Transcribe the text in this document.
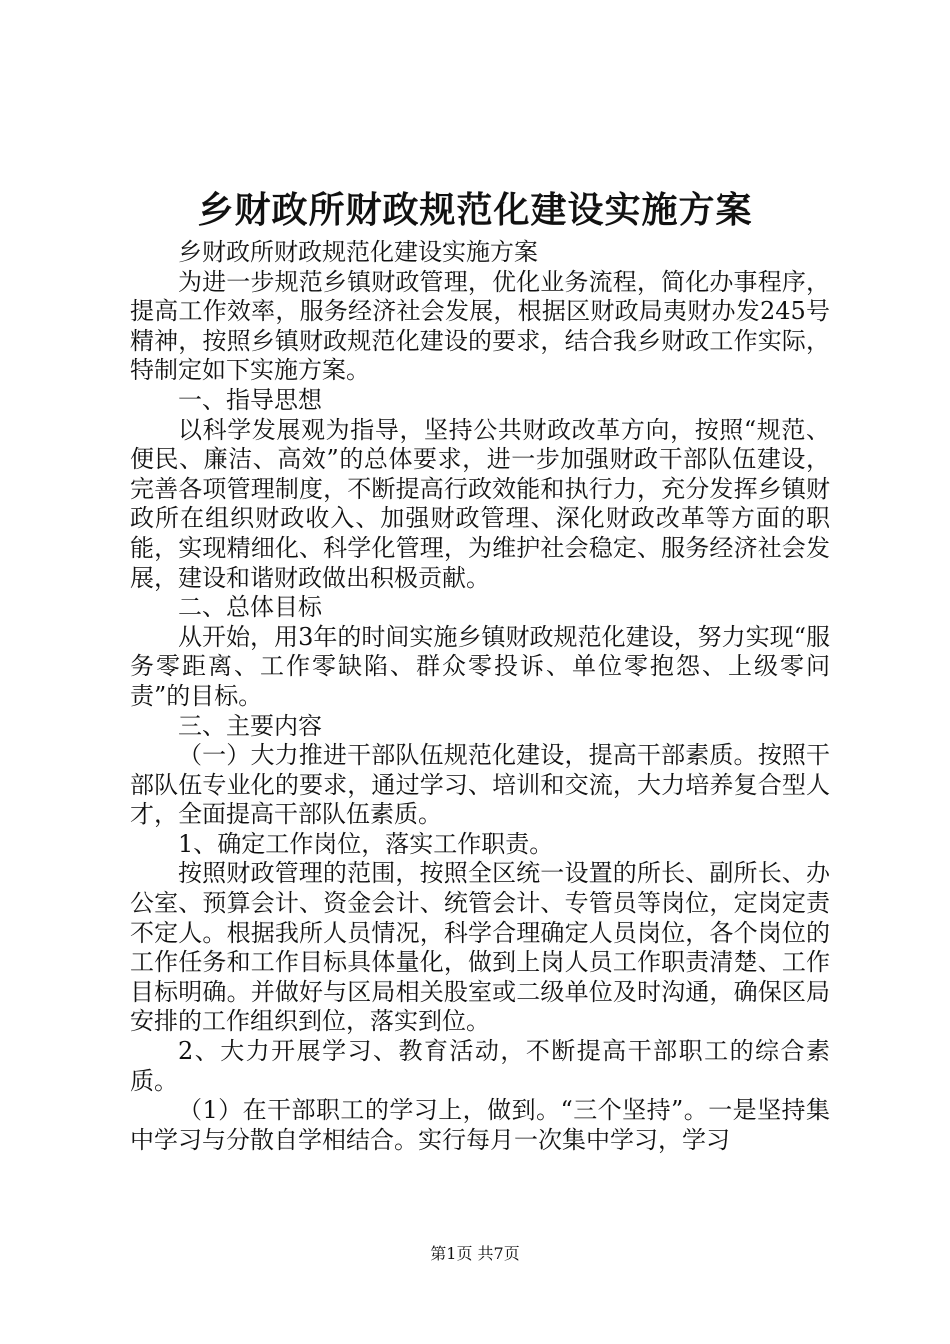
乡财政所财政规范化建设实施方案

乡财政所财政规范化建设实施方案

为进一步规范乡镇财政管理，优化业务流程，简化办事程序，提高工作效率，服务经济社会发展，根据区财政局夷财办发245号精神，按照乡镇财政规范化建设的要求，结合我乡财政工作实际，特制定如下实施方案。

一、指导思想

以科学发展观为指导，坚持公共财政改革方向，按照“规范、便民、廉洁、高效”的总体要求，进一步加强财政干部队伍建设，完善各项管理制度，不断提高行政效能和执行力，充分发挥乡镇财政所在组织财政收入、加强财政管理、深化财政改革等方面的职能，实现精细化、科学化管理，为维护社会稳定、服务经济社会发展，建设和谐财政做出积极贡献。

二、总体目标

从开始，用3年的时间实施乡镇财政规范化建设，努力实现“服务零距离、工作零缺陷、群众零投诉、单位零抱怨、上级零问责”的目标。

三、主要内容

（一）大力推进干部队伍规范化建设，提高干部素质。按照干部队伍专业化的要求，通过学习、培训和交流，大力培养复合型人才，全面提高干部队伍素质。

1、确定工作岗位，落实工作职责。

按照财政管理的范围，按照全区统一设置的所长、副所长、办公室、预算会计、资金会计、统管会计、专管员等岗位，定岗定责不定人。根据我所人员情况，科学合理确定人员岗位，各个岗位的工作任务和工作目标具体量化，做到上岗人员工作职责清楚、工作目标明确。并做好与区局相关股室或二级单位及时沟通，确保区局安排的工作组织到位，落实到位。

2、大力开展学习、教育活动，不断提高干部职工的综合素质。

（1）在干部职工的学习上，做到。“三个坚持”。一是坚持集中学习与分散自学相结合。实行每月一次集中学习，学习

第1页 共7页
